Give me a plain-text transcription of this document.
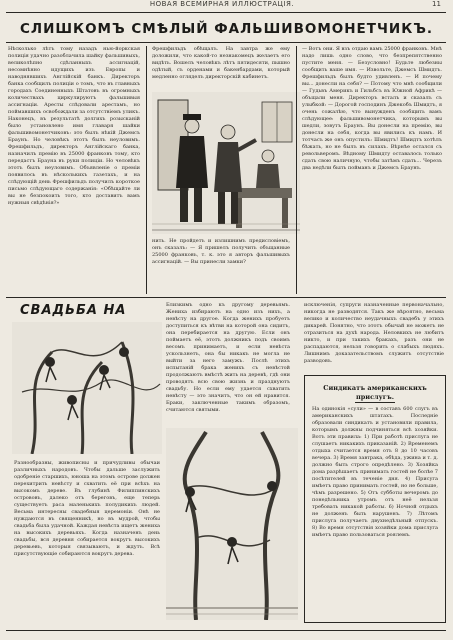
НОВАЯ ВСЕМИРНАЯ ИЛЛЮСТРАЦІЯ.	11
СЛИШКОМЪ СМѢЛЫЙ ФАЛЬШИВОМОНЕТЧИКЪ.
Нѣсколько лѣтъ тому назадъ нью-йоркская полиція удачно разоблачила шайку фальшивыхъ, великолѣпно сдѣланныхъ ассигнацій, несомнѣнно идущихъ изъ Европы и наводнявшихъ Англійскій банкъ. Директоръ банка сообщилъ полиціи о томъ, что въ главныхъ городахъ Соединенныхъ Штатовъ въ огромныхъ количествахъ циркулируютъ фальшивыя ассигнаціи. Аресты слѣдовали арестамъ, но поймавшихъ освобождали за отсутствіемъ уликъ. Наконецъ, въ результатѣ долгихъ розысканій было установлено имя главаря шайки фальшивомонетчиковъ: это былъ нѣкій Джемсъ Браунъ. Но человѣкъ этотъ былъ неуловимъ. Фрешфильдъ, директоръ Англійскаго банка, назначилъ премію въ 25000 франковъ тому, кто передастъ Брауна въ руки полиціи. Но человѣкъ этотъ былъ неуловимъ. Объявленіе о преміи появилось въ нѣсколькихъ газетахъ, и на слѣдующій день Фрешфильдъ получилъ короткое письмо слѣдующаго содержанія: «Обѣщайте ли вы не безпокоить того, кто доставитъ вамъ нужныя свѣдѣнія?»
Фрешфильдъ обѣщалъ. На завтра же ему доложили, что какой-то незнакомецъ желаетъ его видѣть. Вошелъ человѣкъ лѣтъ пятидесяти, пышно одѣтый, съ орденами и бакенбардами, который медленно огляделъ директорскій кабинетъ.
нить. Не пройдетъ и излишнимъ предисловіемъ, онъ сказалъ: — Я пришелъ получить объщанные 25000 франковъ, т. к. это я авторъ фальшивыхъ ассигнацій. — Вы принесли замки?
— Вотъ они. Я взъ отдаю вамъ 25000 франковъ. Мнѣ надо лишь одно слово, что безпрепятственно пустите меня. — Безусловно! Будьте любезны сообщить ваше имя. — Извольте, Джемсъ Шмидтъ. Фрешфильдъ былъ будто удивленъ. — И почему вы... донесли на себя? — Потому что мнѣ сообщили — Гудьвъ Америкъ и Гильбсъ въ Южной Африкѣ — объщали меня. Директоръ всталъ и сказалъ съ улыбкой: — Дорогой господинъ Джекобъ Шмидтъ, я очень сожалѣю, что вынужденъ сообщить вамъ слѣдующее: фальшивомонетчика, которымъ вы шедли, зовутъ Браунъ. Вы донесли на премію, вы донесли на себя, когда вы явились къ намъ. И тотчасъ же онъ опустилъ: Шмидтъ! Шмидтъ хотѣлъ бѣжать, но не былъ въ силахъ. Вѣрнѣе остался съ револьверомъ. Вѣдному Шмидту оставалось только сдать свою наличную, чтобы затѣмъ сдать... Черезъ два недѣли былъ пойманъ и Джемсъ Браунъ.
СВАДЬБА НА
Разнообразны, живописны и причудливы обычаи различныхъ народовъ. Чтобы дальше заслужить одобреніе старшихъ, юноша на этомъ острове должен перехитрить невѣсту и схватить её при всѣхъ на высокомъ дереве. Въ глубинѣ Филиппинскихъ острововъ, далеко отъ береговъ, еще теперь существуетъ раса маленькихъ полудикихъ людей. Весьма интересны свадебныя церемоніи. Онѣ не нуждаются въ священникѣ, но въ мудрой, чтобы свадьба была удачной. Каждая невѣста ищетъ жениха на высокихъ деревьяхъ. Когда назначенъ день свадьбы, вся деревня собирается вокругъ высокихъ деревьевъ, которыя связываютъ, и ждутъ. Всѣ присутствующіе собираются вокругъ дерева.
Близкимъ одно къ другому деревьямъ. Жениха избираютъ на одно изъ нихъ, а невѣсту на другое. Когда женихъ пробуетъ доступиться къ вѣтви на которой она сидитъ, она перебирается на другую. Если онъ поймаетъ её, этотъ должникъ подъ своимъ весомъ принимаетъ, и если невѣста ускользнетъ, она бы никакъ не могла не выйти за него замужъ. Послѣ этихъ испытаній брака женихъ съ невѣстой продолжаютъ вмѣстѣ жить на деревѣ, гдѣ они проводятъ всю свою жизнь и празднуютъ свадьбу. Но если ему удается схватить невѣсту — это значитъ, что он ей нравится. Браки, заключенные такимъ образомъ, считаются святыми.
исключенія, супруги назначенные первоначально, никогда не разводятся. Такъ же вѣроятно, весьма велико и количество неудачныхъ свадебъ у этихъ дикарей. Понятно, что этотъ обычай не можетъ не отразиться на духѣ народа. Неловкихъ не любитъ никто, и при такихъ бракахъ, разъ они не распадаются, нельзя говорить о слабыхъ людяхъ. Лишнимъ доказательствомъ служитъ отсутствіе разводовъ.
Синдикатъ американскихъ прислугъ.
На одинокія «сули» — в составъ 600 слугъ въ американскихъ штатахъ. Последніе образовали синдикатъ и установили правила, которымъ должны подчиняться всѣ хозяйки. Вотъ эти правила: 1) При работѣ прислуга не слушаетъ никакихъ приказаній. 2) Временемъ отдыха считается время отъ 8 до 10 часовъ вечера. 3) Время завтрака, обѣда, ужина и т. д. должно быть строго опредѣлено. 3) Хозяйка дома разрѣшаетъ принимать гостей не болѣе 7 посѣтителей въ теченіе дня. 4) Присуга имѣетъ право принимать гостей, но не больше, чѣмъ разрешено. 5) Отъ субботы вечеромъ до понедѣльника утромъ отъ неё нельзя требовать никакой работы. 6) Ночной отдыхъ не долженъ быть нарушенъ. 7) Лѣтомъ прислуга получаетъ двухнедѣльный отпускъ. 8) Во время отсутствія хозяйки дома прислуга имѣетъ право пользоваться роялемъ.
